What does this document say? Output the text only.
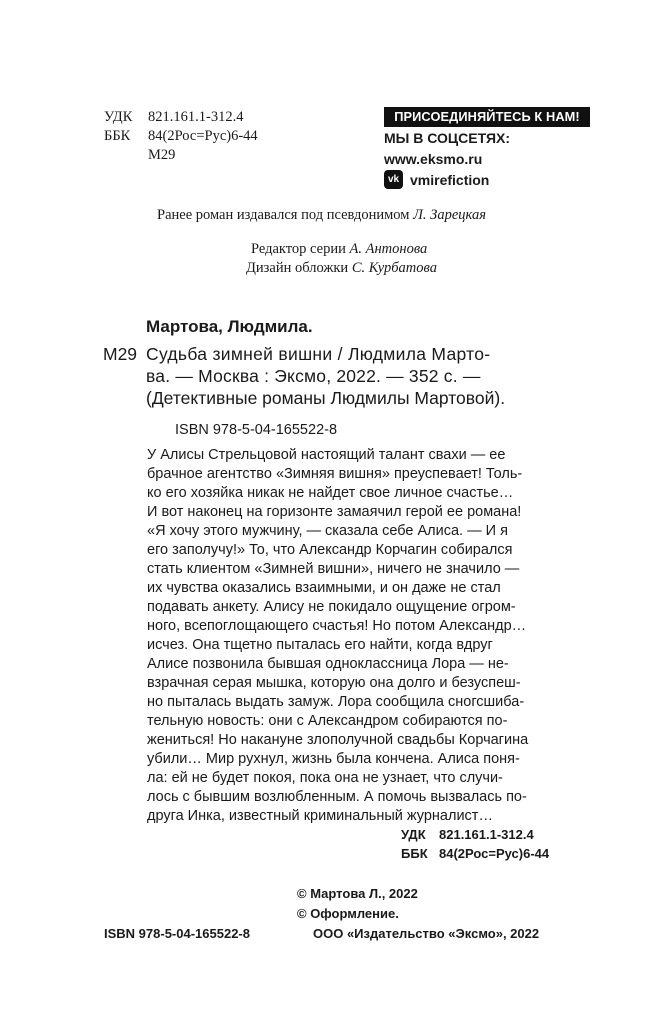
УДК 821.161.1-312.4
ББК 84(2Рос=Рус)6-44
М29
ПРИСОЕДИНЯЙТЕСЬ К НАМ!
МЫ В СОЦСЕТЯХ:
www.eksmo.ru
vk vmirefiction
Ранее роман издавался под псевдонимом Л. Зарецкая
Редактор серии А. Антонова
Дизайн обложки С. Курбатова
Мартова, Людмила.
М29 Судьба зимней вишни / Людмила Марто-
ва. — Москва : Эксмо, 2022. — 352 с. —
(Детективные романы Людмилы Мартовой).
ISBN 978-5-04-165522-8
У Алисы Стрельцовой настоящий талант свахи — ее
брачное агентство «Зимняя вишня» преуспевает! Толь-
ко его хозяйка никак не найдет свое личное счастье…
И вот наконец на горизонте замаячил герой ее романа!
«Я хочу этого мужчину, — сказала себе Алиса. — И я
его заполучу!» То, что Александр Корчагин собирался
стать клиентом «Зимней вишни», ничего не значило —
их чувства оказались взаимными, и он даже не стал
подавать анкету. Алису не покидало ощущение огром-
ного, всепоглощающего счастья! Но потом Александр…
исчез. Она тщетно пыталась его найти, когда вдруг
Алисе позвонила бывшая одноклассница Лора — не-
взрачная серая мышка, которую она долго и безуспеш-
но пыталась выдать замуж. Лора сообщила сногсшиба-
тельную новость: они с Александром собираются по-
жениться! Но накануне злополучной свадьбы Корчагина
убили… Мир рухнул, жизнь была кончена. Алиса поня-
ла: ей не будет покоя, пока она не узнает, что случи-
лось с бывшим возлюбленным. А помочь вызвалась по-
друга Инка, известный криминальный журналист…
УДК 821.161.1-312.4
ББК 84(2Рос=Рус)6-44
© Мартова Л., 2022
© Оформление.
ISBN 978-5-04-165522-8	ООО «Издательство «Эксмо», 2022
